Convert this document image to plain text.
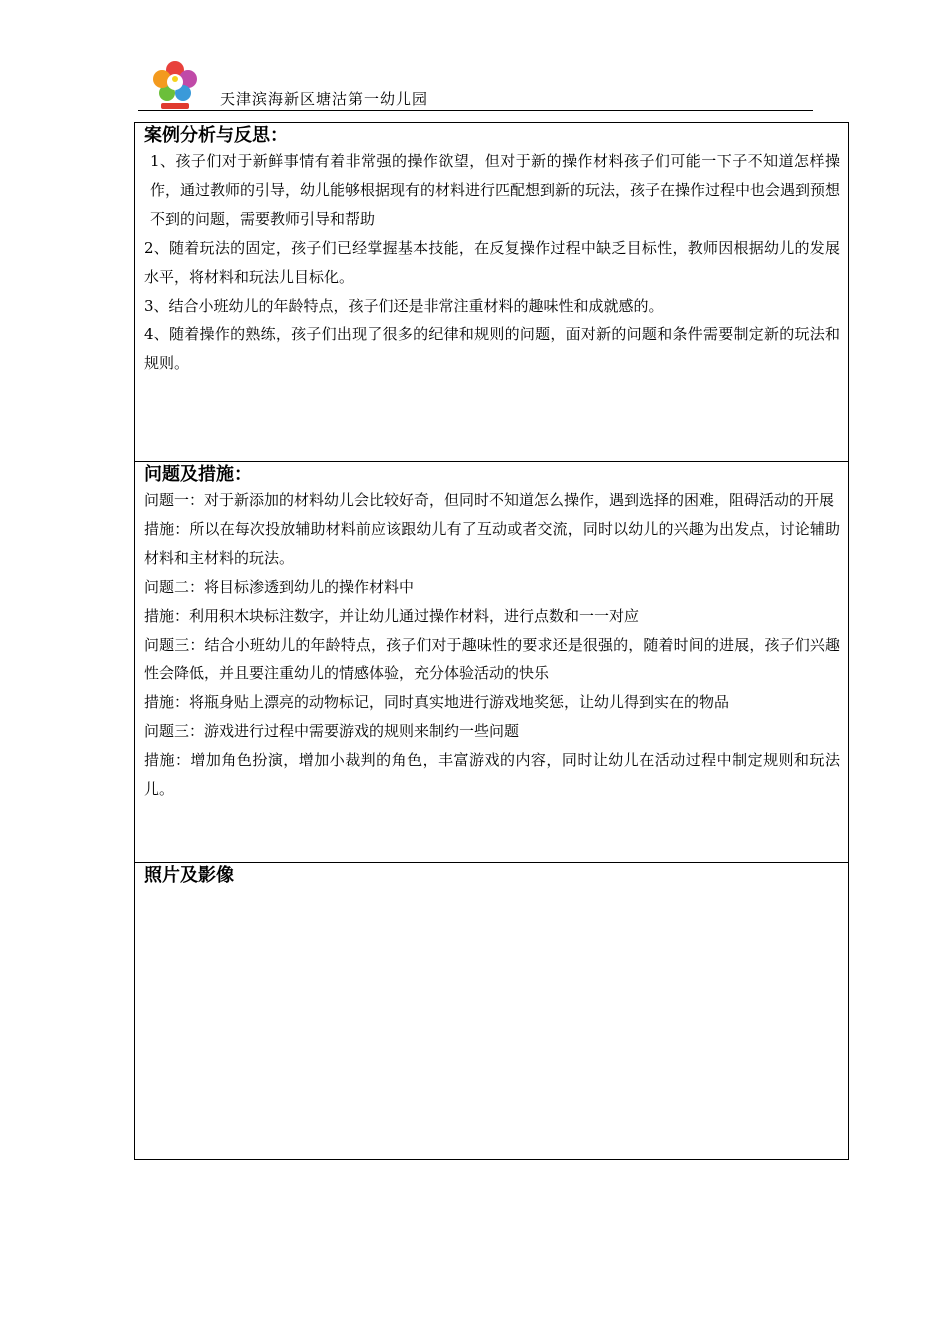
天津滨海新区塘沽第一幼儿园
案例分析与反思：

1、孩子们对于新鲜事情有着非常强的操作欲望，但对于新的操作材料孩子们可能一下子不知道怎样操作，通过教师的引导，幼儿能够根据现有的材料进行匹配想到新的玩法，孩子在操作过程中也会遇到预想不到的问题，需要教师引导和帮助

2、随着玩法的固定，孩子们已经掌握基本技能，在反复操作过程中缺乏目标性，教师因根据幼儿的发展水平，将材料和玩法儿目标化。

3、结合小班幼儿的年龄特点，孩子们还是非常注重材料的趣味性和成就感的。

4、随着操作的熟练，孩子们出现了很多的纪律和规则的问题，面对新的问题和条件需要制定新的玩法和规则。

问题及措施：

问题一：对于新添加的材料幼儿会比较好奇，但同时不知道怎么操作，遇到选择的困难，阻碍活动的开展

措施：所以在每次投放辅助材料前应该跟幼儿有了互动或者交流，同时以幼儿的兴趣为出发点，讨论辅助材料和主材料的玩法。

问题二：将目标渗透到幼儿的操作材料中

措施：利用积木块标注数字，并让幼儿通过操作材料，进行点数和一一对应

问题三：结合小班幼儿的年龄特点，孩子们对于趣味性的要求还是很强的，随着时间的进展，孩子们兴趣性会降低，并且要注重幼儿的情感体验，充分体验活动的快乐

措施：将瓶身贴上漂亮的动物标记，同时真实地进行游戏地奖惩，让幼儿得到实在的物品

问题三：游戏进行过程中需要游戏的规则来制约一些问题

措施：增加角色扮演，增加小裁判的角色，丰富游戏的内容，同时让幼儿在活动过程中制定规则和玩法儿。

照片及影像
